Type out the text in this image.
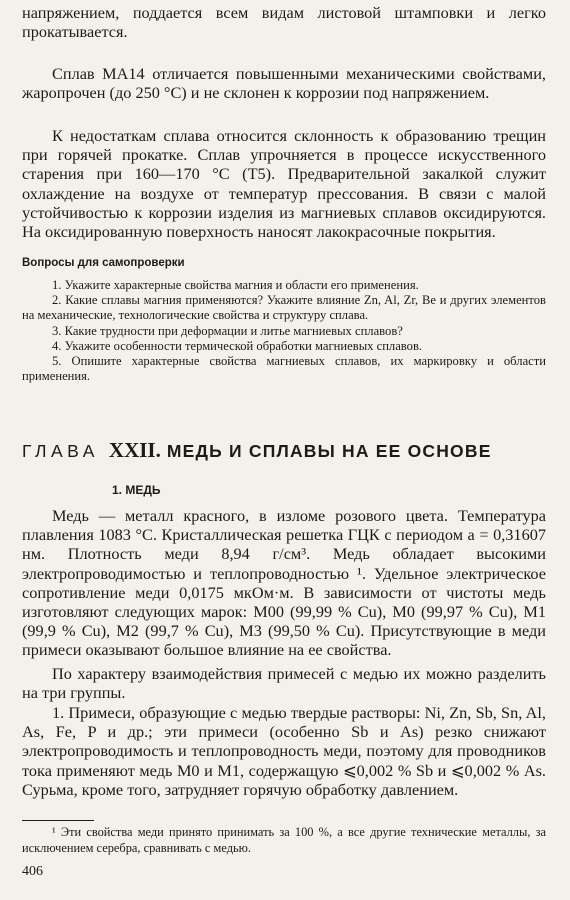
напряжением, поддается всем видам листовой штамповки и легко прокатывается.

Сплав МА14 отличается повышенными механическими свойствами, жаропрочен (до 250 °С) и не склонен к коррозии под напряжением.

К недостаткам сплава относится склонность к образованию трещин при горячей прокатке. Сплав упрочняется в процессе искусственного старения при 160—170 °С (Т5). Предварительной закалкой служит охлаждение на воздухе от температур прессования. В связи с малой устойчивостью к коррозии изделия из магниевых сплавов оксидируются. На оксидированную поверхность наносят лакокрасочные покрытия.

Вопросы для самопроверки
1. Укажите характерные свойства магния и области его применения.
2. Какие сплавы магния применяются? Укажите влияние Zn, Al, Zr, Be и других элементов на механические, технологические свойства и структуру сплава.
3. Какие трудности при деформации и литье магниевых сплавов?
4. Укажите особенности термической обработки магниевых сплавов.
5. Опишите характерные свойства магниевых сплавов, их маркировку и области применения.
ГЛАВА XXII. МЕДЬ И СПЛАВЫ НА ЕЕ ОСНОВЕ
1. МЕДЬ

Медь — металл красного, в изломе розового цвета. Температура плавления 1083 °С. Кристаллическая решетка ГЦК с периодом a = 0,31607 нм. Плотность меди 8,94 г/см³. Медь обладает высокими электропроводимостью и теплопроводностью ¹. Удельное электрическое сопротивление меди 0,0175 мкОм·м. В зависимости от чистоты медь изготовляют следующих марок: М00 (99,99 % Cu), М0 (99,97 % Cu), М1 (99,9 % Cu), М2 (99,7 % Cu), М3 (99,50 % Cu). Присутствующие в меди примеси оказывают большое влияние на ее свойства.

По характеру взаимодействия примесей с медью их можно разделить на три группы.

1. Примеси, образующие с медью твердые растворы: Ni, Zn, Sb, Sn, Al, As, Fe, P и др.; эти примеси (особенно Sb и As) резко снижают электропроводимость и теплопроводность меди, поэтому для проводников тока применяют медь М0 и М1, содержащую ⩽0,002 % Sb и ⩽0,002 % As. Сурьма, кроме того, затрудняет горячую обработку давлением.

¹ Эти свойства меди принято принимать за 100 %, а все другие технические металлы, за исключением серебра, сравнивать с медью.

406
